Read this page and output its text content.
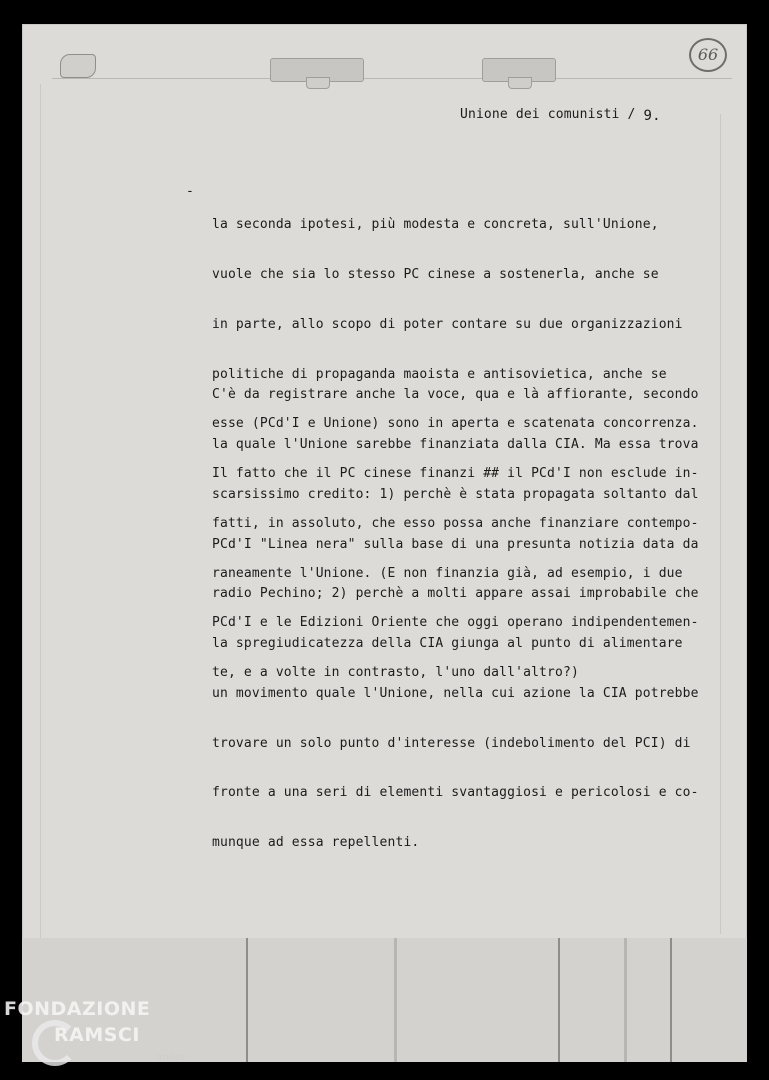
66
Unione dei comunisti / 9.
-

la seconda ipotesi, più modesta e concreta, sull'Unione,

vuole che sia lo stesso PC cinese a sostenerla, anche se

in parte, allo scopo di poter contare su due organizzazioni

politiche di propaganda maoista e antisovietica, anche se

esse (PCd'I e Unione) sono in aperta e scatenata concorrenza.

Il fatto che il PC cinese finanzi ## il PCd'I non esclude in-

fatti, in assoluto, che esso possa anche finanziare contempo-

raneamente l'Unione. (E non finanzia già, ad esempio, i due

PCd'I e le Edizioni Oriente che oggi operano indipendentemen-

te, e a volte in contrasto, l'uno dall'altro?)

C'è da registrare anche la voce, qua e là affiorante, secondo

la quale l'Unione sarebbe finanziata dalla CIA. Ma essa trova

scarsissimo credito: 1) perchè è stata propagata soltanto dal

PCd'I "Linea nera" sulla base di una presunta notizia data da

radio Pechino; 2) perchè a molti appare assai improbabile che

la spregiudicatezza della CIA giunga al punto di alimentare

un movimento quale l'Unione, nella cui azione la CIA potrebbe

trovare un solo punto d'interesse (indebolimento del PCI) di

fronte a una seri di elementi svantaggiosi e pericolosi e co-

munque ad essa repellenti.

FONDAZIONE
RAMSCI
onlus
